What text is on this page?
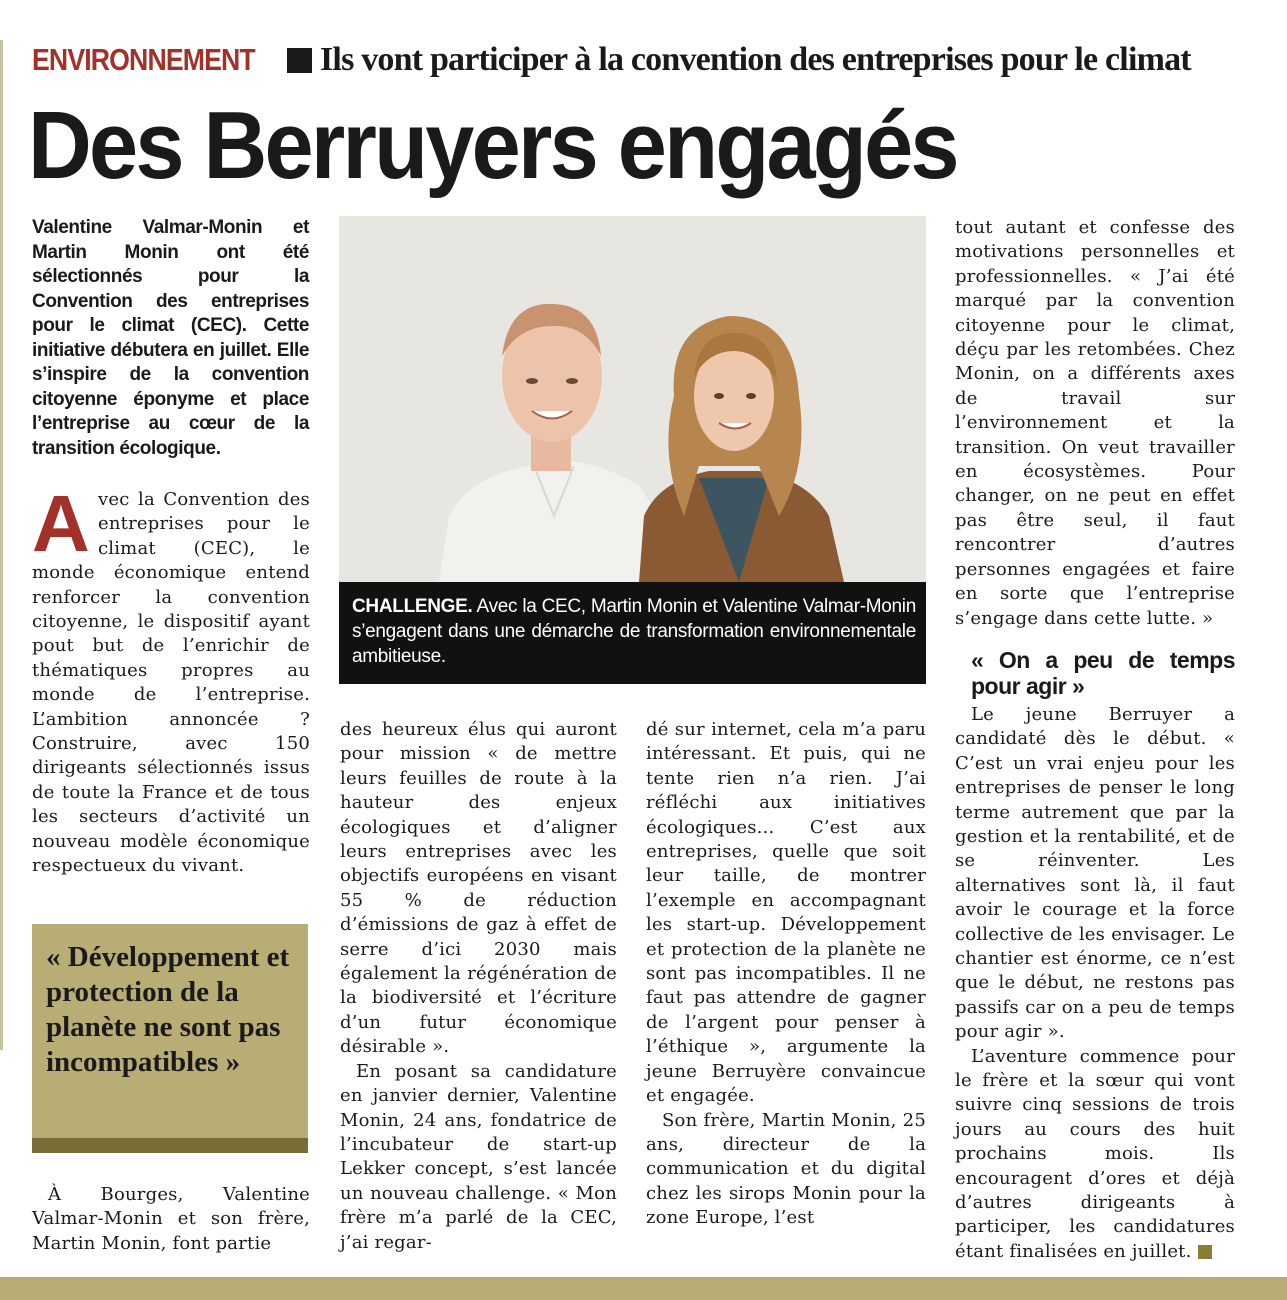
ENVIRONNEMENT	Ils vont participer à la convention des entreprises pour le climat
Des Berruyers engagés
Valentine Valmar-Monin et Martin Monin ont été sélectionnés pour la Convention des entreprises pour le climat (CEC). Cette initiative débutera en juillet. Elle s’inspire de la convention citoyenne éponyme et place l’entreprise au cœur de la transition écologique.

Avec la Convention des entreprises pour le climat (CEC), le monde économique entend renforcer la convention citoyenne, le dispositif ayant pout but de l’enrichir de thématiques propres au monde de l’entreprise. L’ambition annoncée ? Construire, avec 150 dirigeants sélectionnés issus de toute la France et de tous les secteurs d’activité un nouveau modèle économique respectueux du vivant.

« Développement et protection de la planète ne sont pas incompatibles »

À Bourges, Valentine Valmar-Monin et son frère, Martin Monin, font partie

CHALLENGE. Avec la CEC, Martin Monin et Valentine Valmar-Monin s’engagent dans une démarche de transformation environnementale ambitieuse.

des heureux élus qui auront pour mission « de mettre leurs feuilles de route à la hauteur des enjeux écologiques et d’aligner leurs entreprises avec les objectifs européens en visant 55 % de réduction d’émissions de gaz à effet de serre d’ici 2030 mais également la régénération de la biodiversité et l’écriture d’un futur économique désirable ».

En posant sa candidature en janvier dernier, Valentine Monin, 24 ans, fondatrice de l’incubateur de start-up Lekker concept, s’est lancée un nouveau challenge. « Mon frère m’a parlé de la CEC, j’ai regar-

dé sur internet, cela m’a paru intéressant. Et puis, qui ne tente rien n’a rien. J’ai réfléchi aux initiatives écologiques... C’est aux entreprises, quelle que soit leur taille, de montrer l’exemple en accompagnant les start-up. Développement et protection de la planète ne sont pas incompatibles. Il ne faut pas attendre de gagner de l’argent pour penser à l’éthique », argumente la jeune Berruyère convaincue et engagée.

Son frère, Martin Monin, 25 ans, directeur de la communication et du digital chez les sirops Monin pour la zone Europe, l’est

tout autant et confesse des motivations personnelles et professionnelles. « J’ai été marqué par la convention citoyenne pour le climat, déçu par les retombées. Chez Monin, on a différents axes de travail sur l’environnement et la transition. On veut travailler en écosystèmes. Pour changer, on ne peut en effet pas être seul, il faut rencontrer d’autres personnes engagées et faire en sorte que l’entreprise s’engage dans cette lutte. »

« On a peu de temps pour agir »

Le jeune Berruyer a candidaté dès le début. « C’est un vrai enjeu pour les entreprises de penser le long terme autrement que par la gestion et la rentabilité, et de se réinventer. Les alternatives sont là, il faut avoir le courage et la force collective de les envisager. Le chantier est énorme, ce n’est que le début, ne restons pas passifs car on a peu de temps pour agir ».

L’aventure commence pour le frère et la sœur qui vont suivre cinq sessions de trois jours au cours des huit prochains mois. Ils encouragent d’ores et déjà d’autres dirigeants à participer, les candidatures étant finalisées en juillet.
